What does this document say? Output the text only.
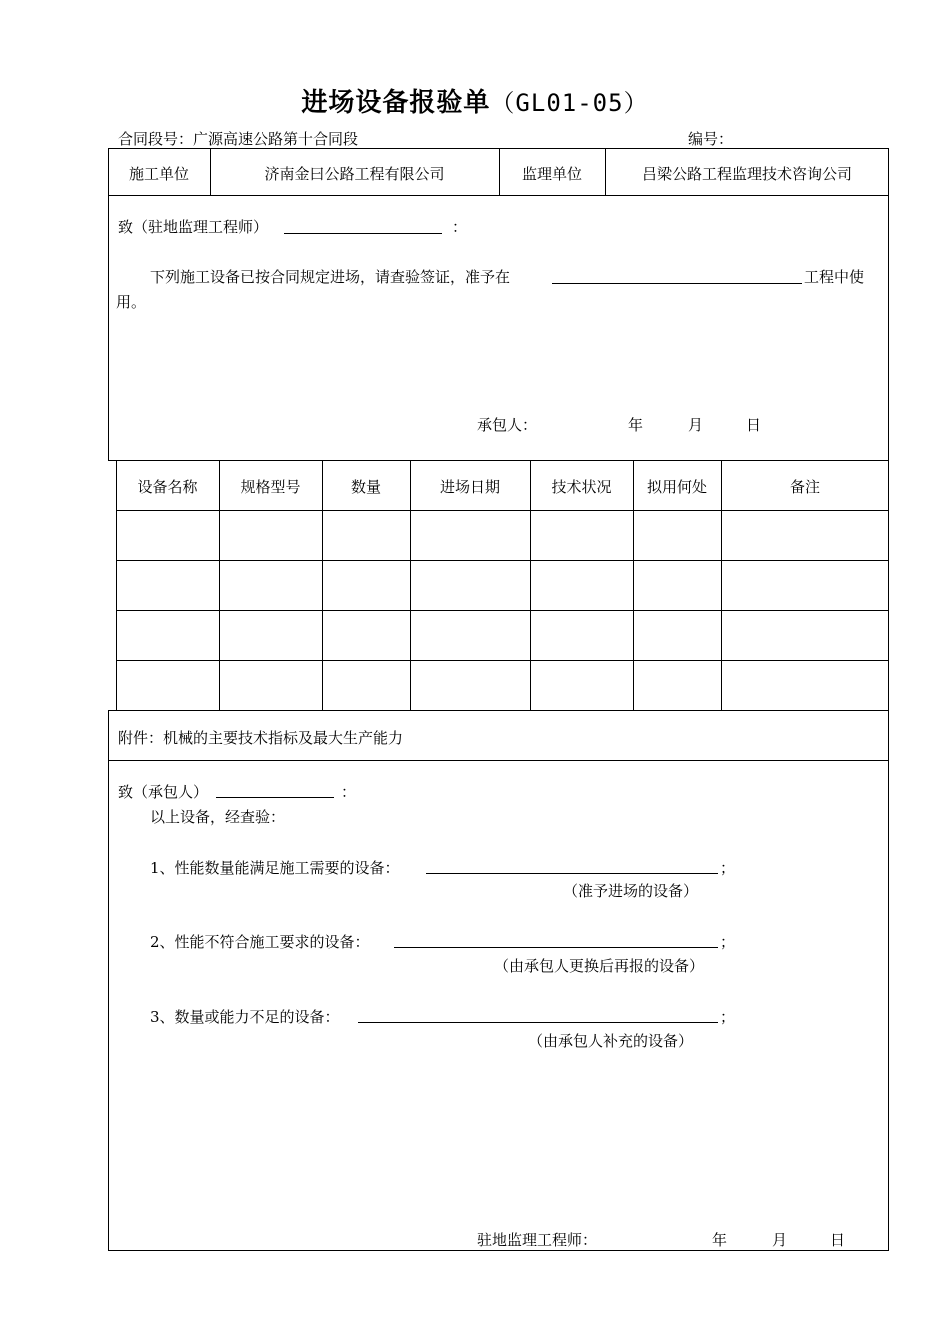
进场设备报验单（GL01-05）
合同段号：广源高速公路第十合同段	编号：
施工单位	济南金曰公路工程有限公司	监理单位	吕梁公路工程监理技术咨询公司
致（驻地监理工程师）	：
下列施工设备已按合同规定进场，请查验签证，准予在	工程中使
用。
承包人：	年	月	日
设备名称	规格型号	数量	进场日期	技术状况	拟用何处	备注
附件：机械的主要技术指标及最大生产能力
致（承包人）	：
以上设备，经查验：
1、性能数量能满足施工需要的设备：	；
（准予进场的设备）
2、性能不符合施工要求的设备：	；
（由承包人更换后再报的设备）
3、数量或能力不足的设备：	；
（由承包人补充的设备）
驻地监理工程师：	年	月	日
